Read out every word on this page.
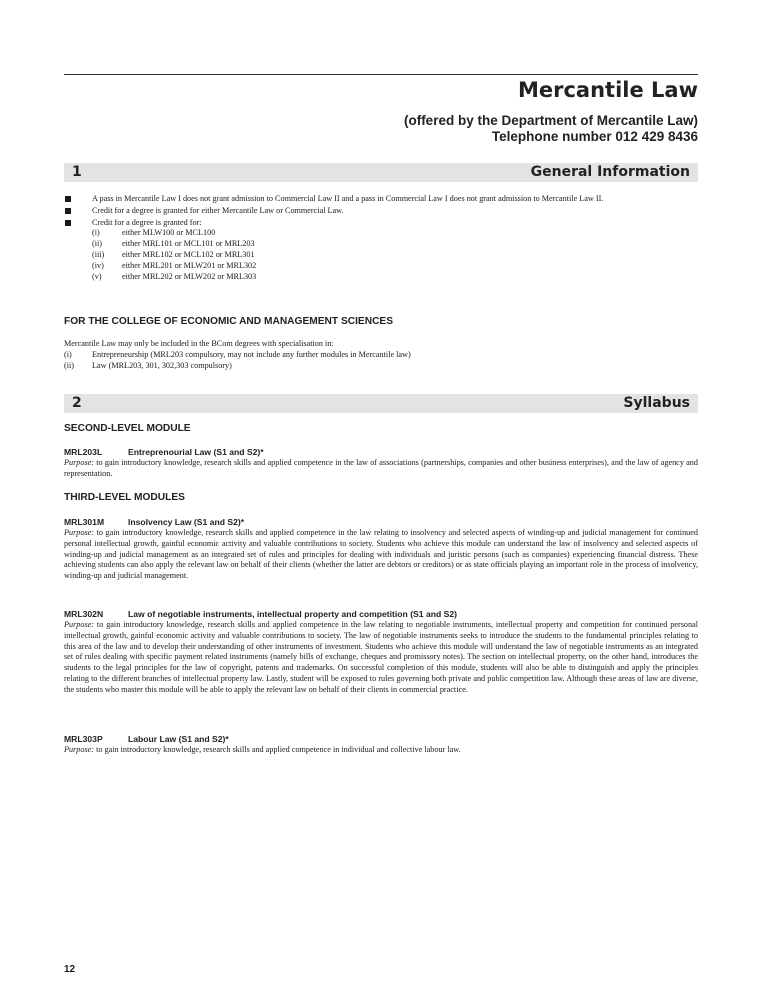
Mercantile Law
(offered by the Department of Mercantile Law)
Telephone number 012 429 8436
1	General Information
A pass in Mercantile Law I does not grant admission to Commercial Law II and a pass in Commercial Law I does not grant admission to Mercantile Law II.
Credit for a degree is granted for either Mercantile Law or Commercial Law.
Credit for a degree is granted for:
(i)	either MLW100 or MCL100
(ii) either MRL101 or MCL101 or MRL203
(iii) either MRL102 or MCL102 or MRL301
(iv) either MRL201 or MLW201 or MRL302
(v) either MRL202 or MLW202 or MRL303
FOR THE COLLEGE OF ECONOMIC AND MANAGEMENT SCIENCES
Mercantile Law may only be included in the BCom degrees with specialisation in:
(i) Entrepreneurship (MRL203 compulsory, may not include any further modules in Mercantile law)
(ii) Law (MRL203, 301, 302,303 compulsory)
2	Syllabus
SECOND-LEVEL MODULE
MRL203L	Entreprenourial Law (S1 and S2)*
Purpose: to gain introductory knowledge, research skills and applied competence in the law of associations (partnerships, companies and other business enterprises), and the law of agency and representation.
THIRD-LEVEL MODULES
MRL301M	Insolvency Law (S1 and S2)*
Purpose: to gain introductory knowledge, research skills and applied competence in the law relating to insolvency and selected aspects of winding-up and judicial management for continued personal intellectual growth, gainful economic activity and valuable contributions to society. Students who achieve this module can understand the law of insolvency and selected aspects of winding-up and judicial management as an integrated set of rules and principles for dealing with individuals and juristic persons (such as companies) experiencing financial distress. These achieving students can also apply the relevant law on behalf of their clients (whether the latter are debtors or creditors) or as state officials playing an important role in the process of insolvency, winding-up and judicial management.
MRL302N	Law of negotiable instruments, intellectual property and competition (S1 and S2)
Purpose: to gain introductory knowledge, research skills and applied competence in the law relating to negotiable instruments, intellectual property and competition for continued personal intellectual growth, gainful economic activity and valuable contributions to society. The law of negotiable instruments seeks to introduce the students to the fundamental principles relating to this area of the law and to develop their understanding of other instruments of investment. Students who achieve this module will understand the law of negotiable instruments as an integrated set of rules dealing with specific payment related instruments (namely bills of exchange, cheques and promissory notes). The section on intellectual property, on the other hand, introduces the students to the legal principles for the law of copyright, patents and trademarks. On successful completion of this module, students will also be able to distinguish and apply the principles relating to the different branches of intellectual property law. Lastly, student will be exposed to rules governing both private and public competition law. Although these areas of law are diverse, the students who master this module will be able to apply the relevant law on behalf of their clients in commercial practice.
MRL303P	Labour Law (S1 and S2)*
Purpose: to gain introductory knowledge, research skills and applied competence in individual and collective labour law.
12
